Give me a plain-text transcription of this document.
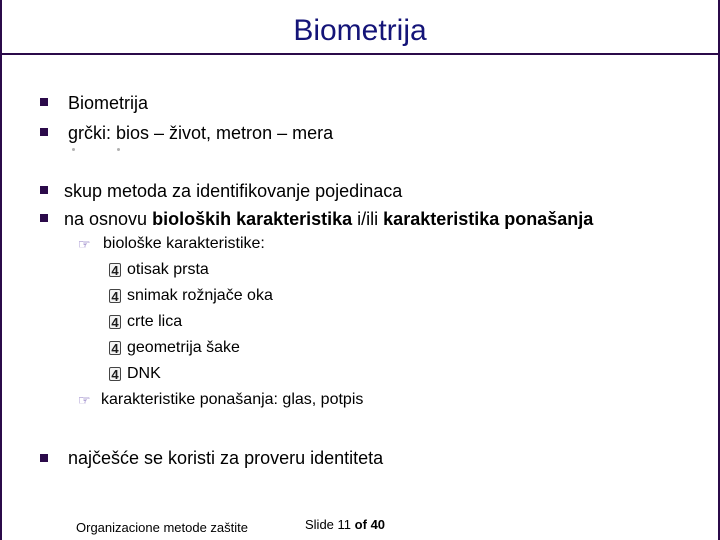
Biometrija
Biometrija
grčki: bios – život, metron – mera
skup metoda za identifikovanje pojedinaca
na osnovu bioloških karakteristika i/ili karakteristika ponašanja
☞ biološke karakteristike:
4 otisak prsta
4 snimak rožnjače oka
4 crte lica
4 geometrija šake
4 DNK
☞ karakteristike ponašanja: glas, potpis
najčešće se koristi za proveru identiteta
Organizacione metode zaštite	Slide 11 of 40
